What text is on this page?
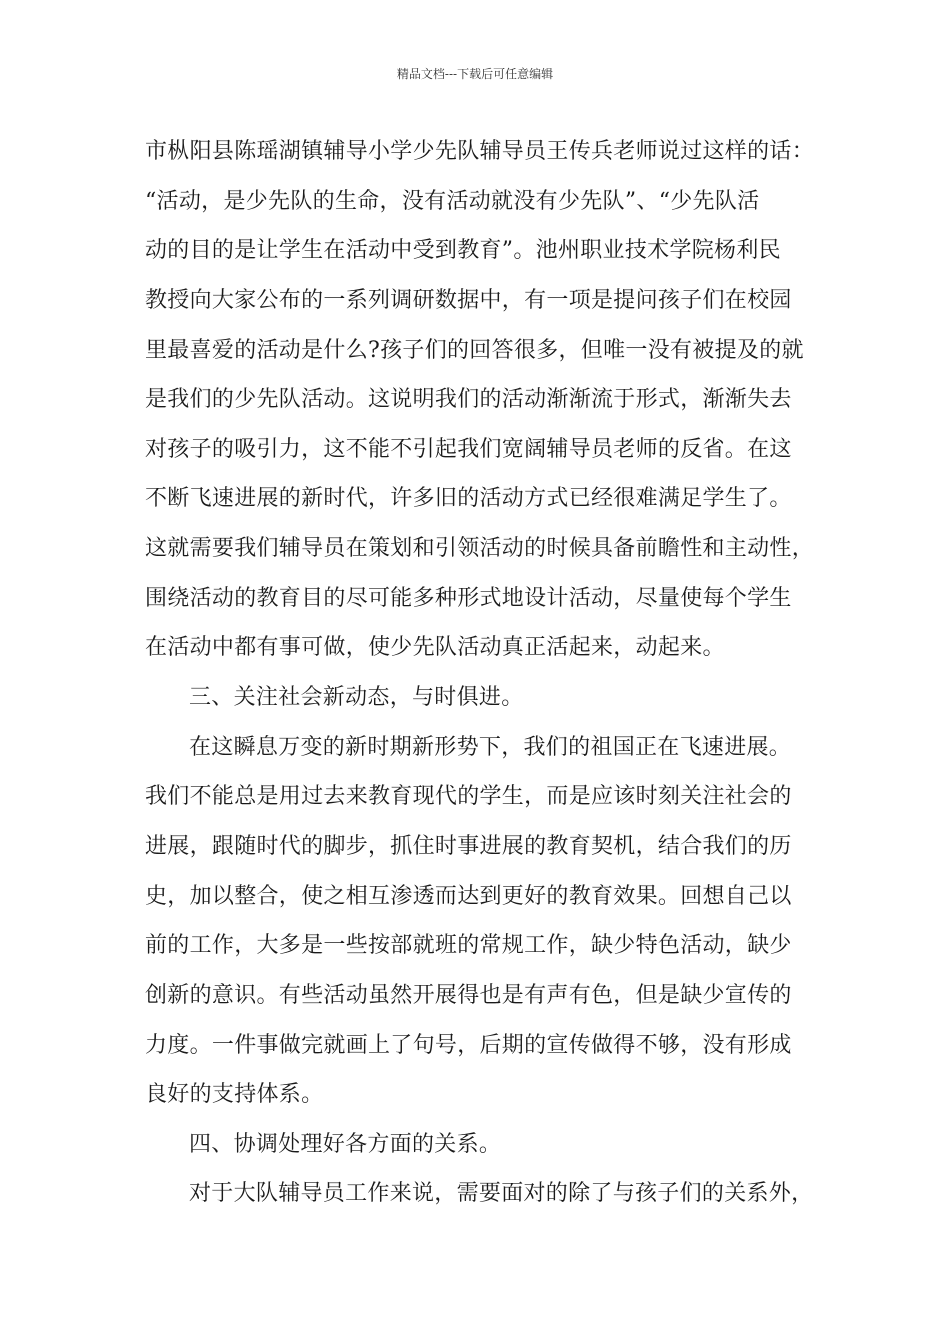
精品文档---下载后可任意编辑
市枞阳县陈瑶湖镇辅导小学少先队辅导员王传兵老师说过这样的话：
“活动，是少先队的生命，没有活动就没有少先队”、“少先队活
动的目的是让学生在活动中受到教育”。池州职业技术学院杨利民
教授向大家公布的一系列调研数据中，有一项是提问孩子们在校园
里最喜爱的活动是什么?孩子们的回答很多，但唯一没有被提及的就
是我们的少先队活动。这说明我们的活动渐渐流于形式，渐渐失去
对孩子的吸引力，这不能不引起我们宽阔辅导员老师的反省。在这
不断飞速进展的新时代，许多旧的活动方式已经很难满足学生了。
这就需要我们辅导员在策划和引领活动的时候具备前瞻性和主动性，
围绕活动的教育目的尽可能多种形式地设计活动，尽量使每个学生
在活动中都有事可做，使少先队活动真正活起来，动起来。
三、关注社会新动态，与时俱进。
在这瞬息万变的新时期新形势下，我们的祖国正在飞速进展。
我们不能总是用过去来教育现代的学生，而是应该时刻关注社会的
进展，跟随时代的脚步，抓住时事进展的教育契机，结合我们的历
史，加以整合，使之相互渗透而达到更好的教育效果。回想自己以
前的工作，大多是一些按部就班的常规工作，缺少特色活动，缺少
创新的意识。有些活动虽然开展得也是有声有色，但是缺少宣传的
力度。一件事做完就画上了句号，后期的宣传做得不够，没有形成
良好的支持体系。
四、协调处理好各方面的关系。
对于大队辅导员工作来说，需要面对的除了与孩子们的关系外，
